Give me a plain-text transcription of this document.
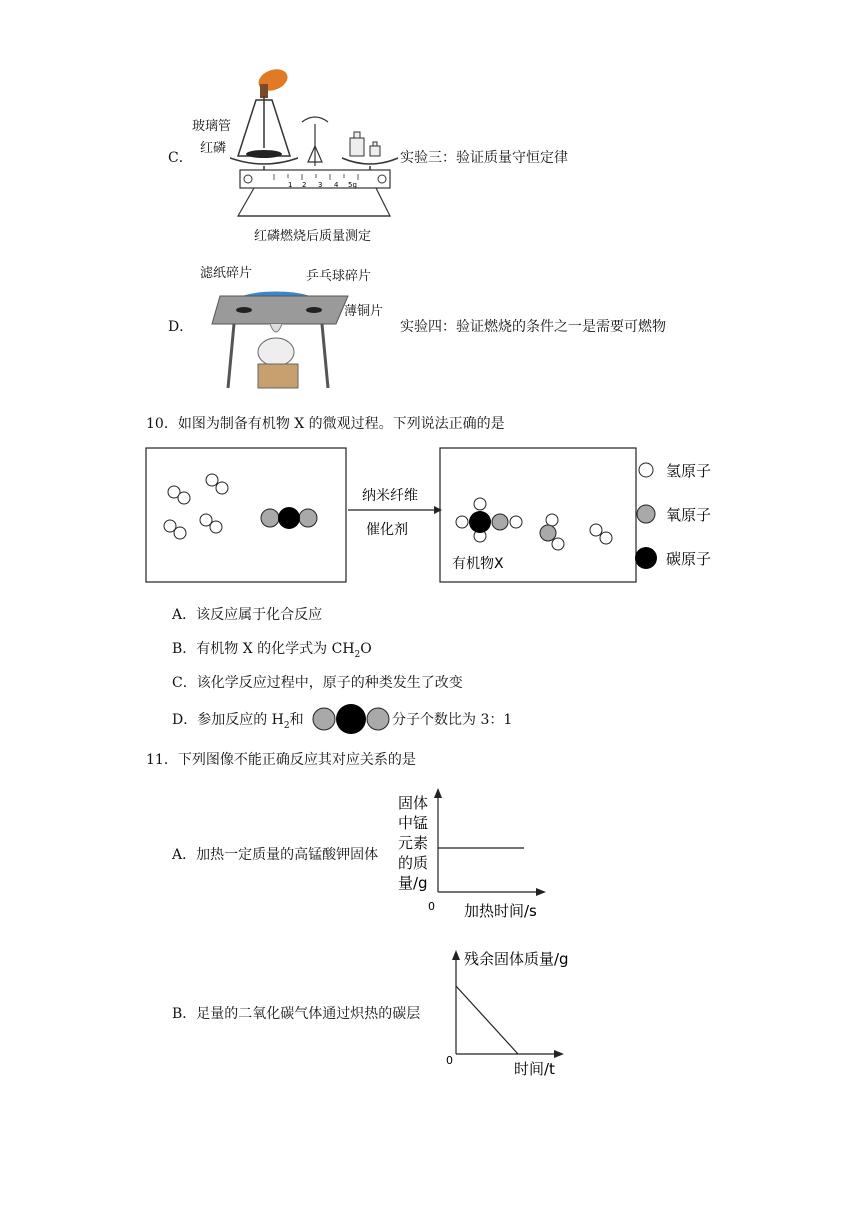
C．
1 2 3 4 5g
玻璃管
红磷
实验三：验证质量守恒定律
红磷燃烧后质量测定
D．
滤纸碎片	乒乓球碎片
薄铜片
实验四：验证燃烧的条件之一是需要可燃物
10．如图为制备有机物 X 的微观过程。下列说法正确的是
纳米纤维
催化剂
有机物X
氢原子
氧原子
碳原子
A．该反应属于化合反应
B．有机物 X 的化学式为 $CH_2O$
C．该化学反应过程中，原子的种类发生了改变
D．参加反应的 $H_2$和	分子个数比为 3：1
11．下列图像不能正确反应其对应关系的是
A．加热一定质量的高锰酸钾固体
固体
中锰
元素
的质
量/g
0 加热时间/s
B．足量的二氧化碳气体通过炽热的碳层
残余固体质量/g
0	时间/t
